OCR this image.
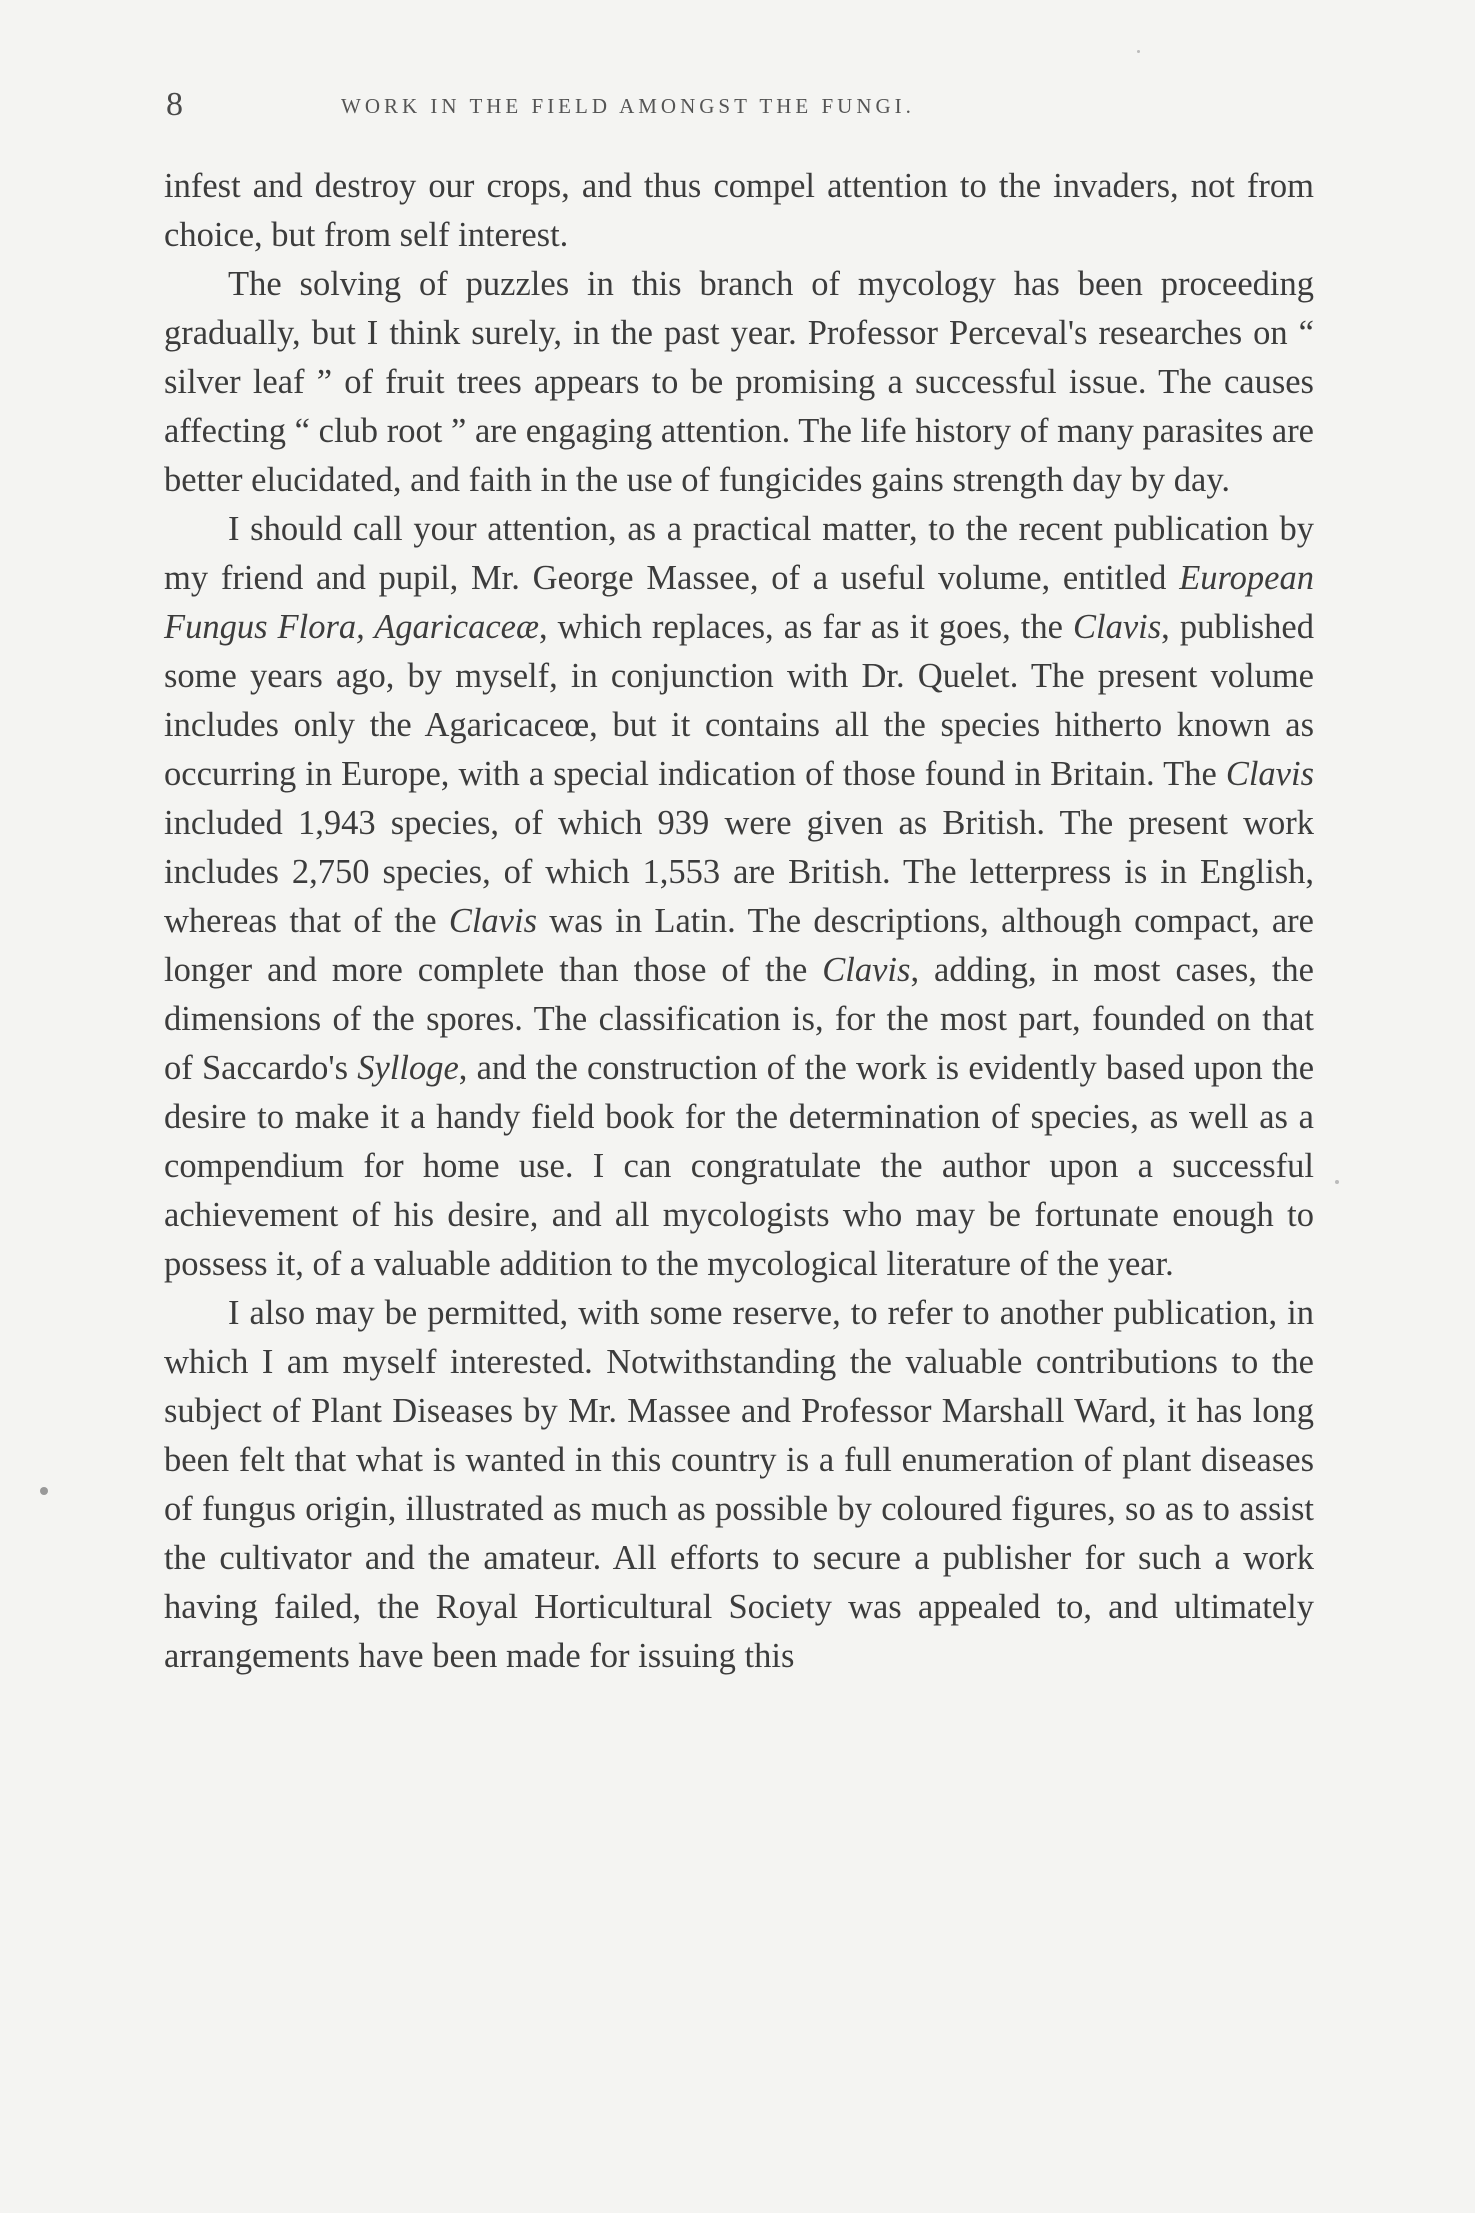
8	WORK IN THE FIELD AMONGST THE FUNGI.

infest and destroy our crops, and thus compel attention to the invaders, not from choice, but from self interest.

The solving of puzzles in this branch of mycology has been proceeding gradually, but I think surely, in the past year. Professor Perceval's researches on “ silver leaf ” of fruit trees appears to be promising a successful issue. The causes affecting “ club root ” are engaging attention. The life history of many parasites are better elucidated, and faith in the use of fungicides gains strength day by day.

I should call your attention, as a practical matter, to the recent publication by my friend and pupil, Mr. George Massee, of a useful volume, entitled European Fungus Flora, Agaricaceæ, which replaces, as far as it goes, the Clavis, published some years ago, by myself, in conjunction with Dr. Quelet. The present volume includes only the Agaricaceœ, but it contains all the species hitherto known as occurring in Europe, with a special indication of those found in Britain. The Clavis included 1,943 species, of which 939 were given as British. The present work includes 2,750 species, of which 1,553 are British. The letterpress is in English, whereas that of the Clavis was in Latin. The descriptions, although compact, are longer and more complete than those of the Clavis, adding, in most cases, the dimensions of the spores. The classification is, for the most part, founded on that of Saccardo's Sylloge, and the construction of the work is evidently based upon the desire to make it a handy field book for the determination of species, as well as a compendium for home use. I can congratulate the author upon a successful achievement of his desire, and all mycologists who may be fortunate enough to possess it, of a valuable addition to the mycological literature of the year.

I also may be permitted, with some reserve, to refer to another publication, in which I am myself interested. Notwithstanding the valuable contributions to the subject of Plant Diseases by Mr. Massee and Professor Marshall Ward, it has long been felt that what is wanted in this country is a full enumeration of plant diseases of fungus origin, illustrated as much as possible by coloured figures, so as to assist the cultivator and the amateur. All efforts to secure a publisher for such a work having failed, the Royal Horticultural Society was appealed to, and ultimately arrangements have been made for issuing this
